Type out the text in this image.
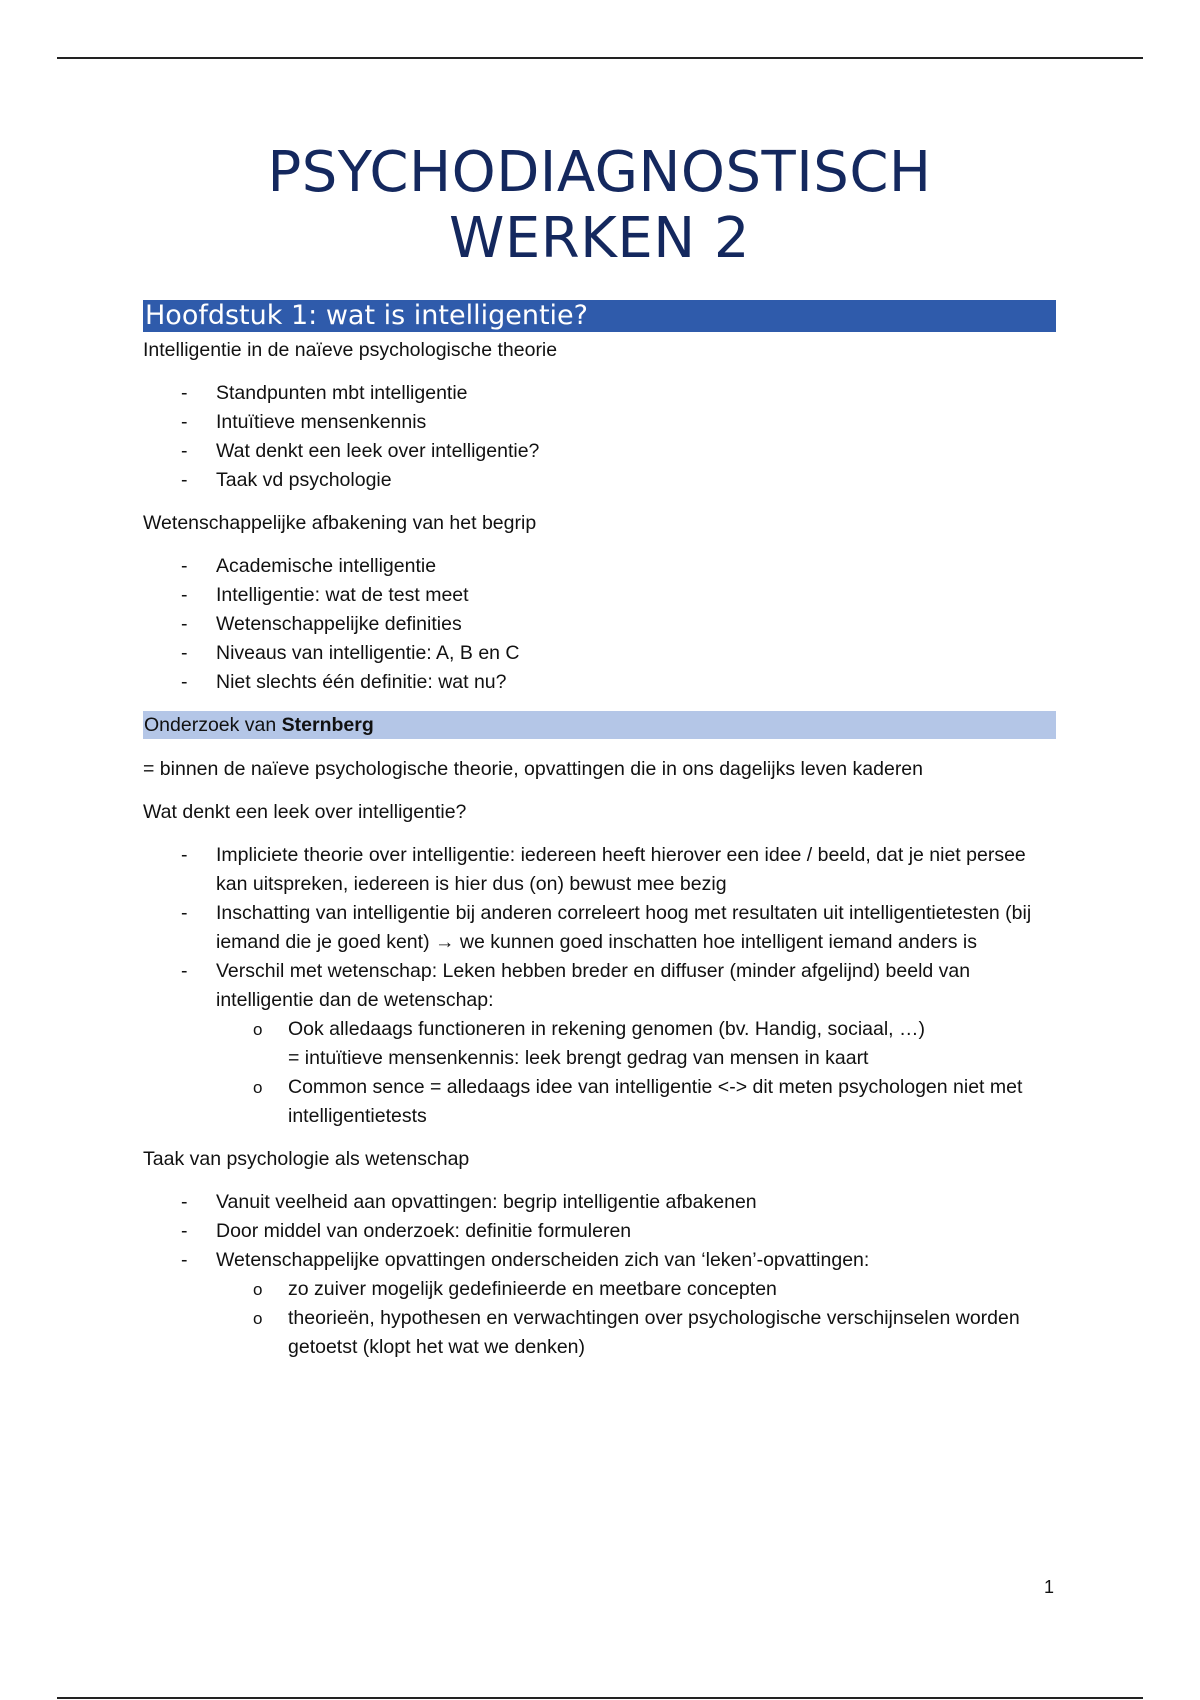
PSYCHODIAGNOSTISCH WERKEN 2
Hoofdstuk 1: wat is intelligentie?

Intelligentie in de naïeve psychologische theorie

- Standpunten mbt intelligentie
- Intuïtieve mensenkennis
- Wat denkt een leek over intelligentie?
- Taak vd psychologie

Wetenschappelijke afbakening van het begrip

- Academische intelligentie
- Intelligentie: wat de test meet
- Wetenschappelijke definities
- Niveaus van intelligentie: A, B en C
- Niet slechts één definitie: wat nu?
Onderzoek van Sternberg

= binnen de naïeve psychologische theorie, opvattingen die in ons dagelijks leven kaderen

Wat denkt een leek over intelligentie?

- Impliciete theorie over intelligentie: iedereen heeft hierover een idee / beeld, dat je niet persee kan uitspreken, iedereen is hier dus (on) bewust mee bezig
- Inschatting van intelligentie bij anderen correleert hoog met resultaten uit intelligentietesten (bij iemand die je goed kent) → we kunnen goed inschatten hoe intelligent iemand anders is
- Verschil met wetenschap: Leken hebben breder en diffuser (minder afgelijnd) beeld van intelligentie dan de wetenschap:
o Ook alledaags functioneren in rekening genomen (bv. Handig, sociaal, …)
= intuïtieve mensenkennis: leek brengt gedrag van mensen in kaart
o Common sence = alledaags idee van intelligentie <-> dit meten psychologen niet met intelligentietests

Taak van psychologie als wetenschap

- Vanuit veelheid aan opvattingen: begrip intelligentie afbakenen
- Door middel van onderzoek: definitie formuleren
- Wetenschappelijke opvattingen onderscheiden zich van ‘leken’-opvattingen:
o zo zuiver mogelijk gedefinieerde en meetbare concepten
o theorieën, hypothesen en verwachtingen over psychologische verschijnselen worden getoetst (klopt het wat we denken)
1
